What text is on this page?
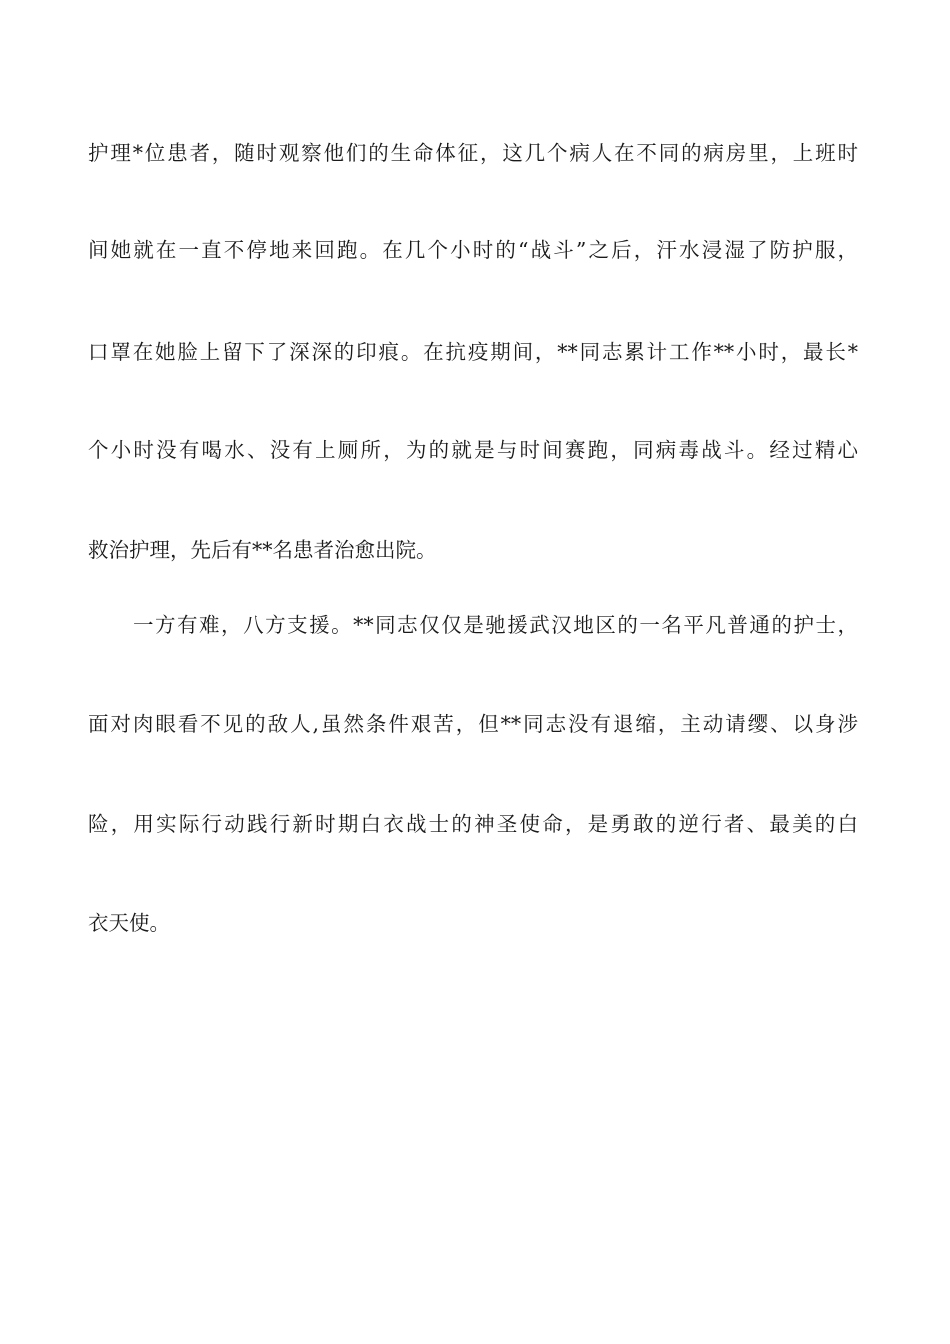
护理*位患者，随时观察他们的生命体征，这几个病人在不同的病房里，上班时
间她就在一直不停地来回跑。在几个小时的“战斗”之后，汗水浸湿了防护服，
口罩在她脸上留下了深深的印痕。在抗疫期间，**同志累计工作**小时，最长*
个小时没有喝水、没有上厕所，为的就是与时间赛跑，同病毒战斗。经过精心
救治护理，先后有**名患者治愈出院。
一方有难，八方支援。**同志仅仅是驰援武汉地区的一名平凡普通的护士，
面对肉眼看不见的敌人,虽然条件艰苦，但**同志没有退缩，主动请缨、以身涉
险，用实际行动践行新时期白衣战士的神圣使命，是勇敢的逆行者、最美的白
衣天使。
